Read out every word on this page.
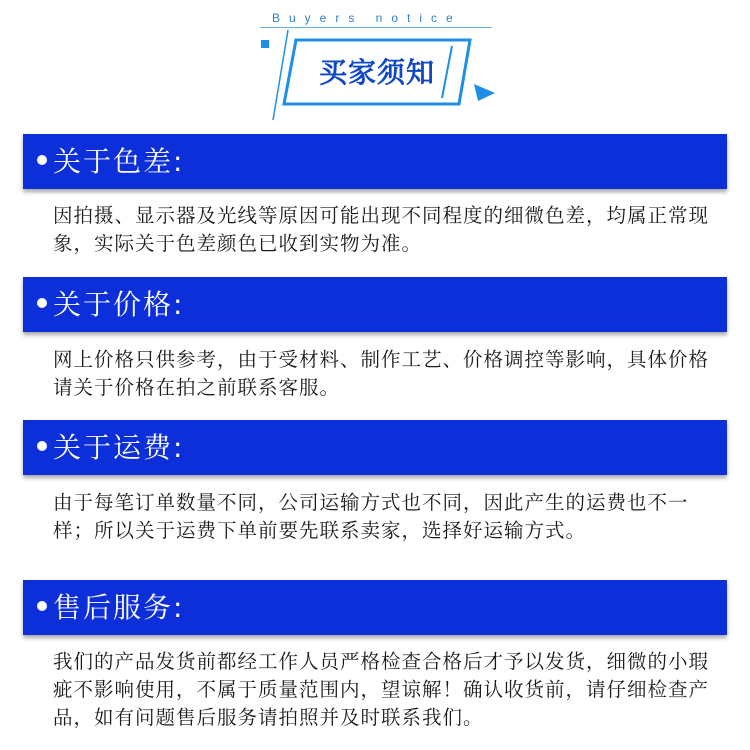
Buyers notice
买家须知
关于色差:

因拍摄、显示器及光线等原因可能出现不同程度的细微色差，均属正常现象，实际关于色差颜色已收到实物为准。

关于价格:

网上价格只供参考，由于受材料、制作工艺、价格调控等影响，具体价格请关于价格在拍之前联系客服。

关于运费:

由于每笔订单数量不同，公司运输方式也不同，因此产生的运费也不一样；所以关于运费下单前要先联系卖家，选择好运输方式。

售后服务:

我们的产品发货前都经工作人员严格检查合格后才予以发货，细微的小瑕疵不影响使用，不属于质量范围内，望谅解！确认收货前，请仔细检查产品，如有问题售后服务请拍照并及时联系我们。
